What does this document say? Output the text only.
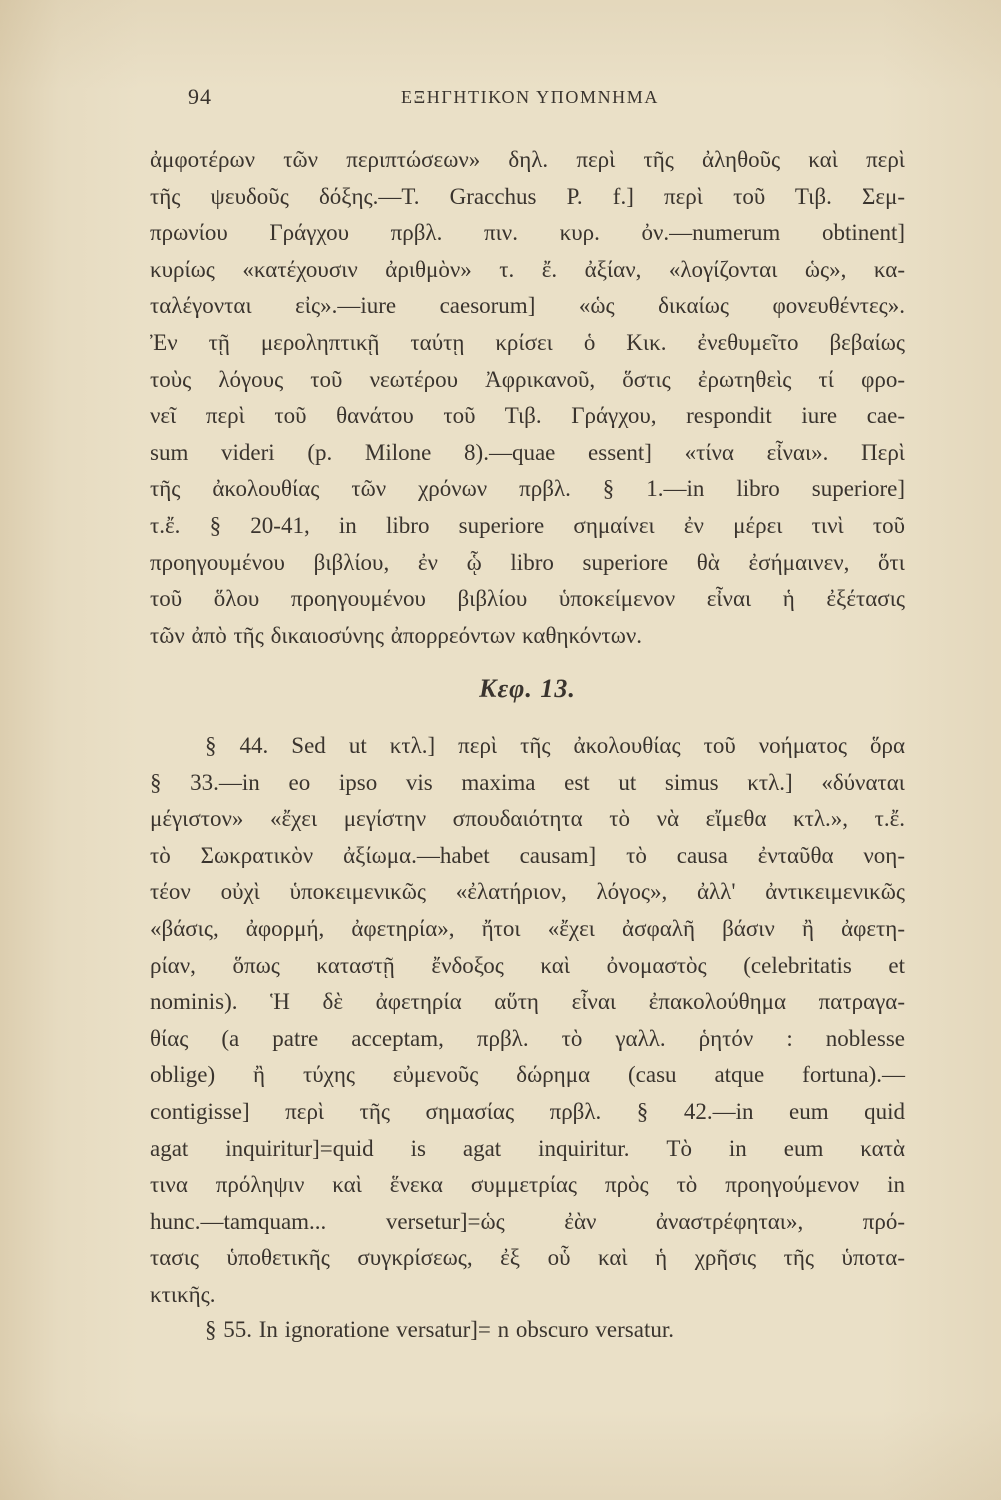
94	ΕΞΗΓΗΤΙΚΟΝ ΥΠΟΜΝΗΜΑ
ἀμφοτέρων τῶν περιπτώσεων» δηλ. περὶ τῆς ἀληθοῦς καὶ περὶ
τῆς ψευδοῦς δόξης.—T. Gracchus P. f.] περὶ τοῦ Τιβ. Σεμ-
πρωνίου Γράγχου πρβλ. πιν. κυρ. ὀν.—numerum obtinent]
κυρίως «κατέχουσιν ἀριθμὸν» τ. ἔ. ἀξίαν, «λογίζονται ὡς», κα-
ταλέγονται εἰς».—iure caesorum] «ὡς δικαίως φονευθέντες».
Ἐν τῇ μεροληπτικῇ ταύτῃ κρίσει ὁ Κικ. ἐνεθυμεῖτο βεβαίως
τοὺς λόγους τοῦ νεωτέρου Ἀφρικανοῦ, ὅστις ἐρωτηθεὶς τί φρο-
νεῖ περὶ τοῦ θανάτου τοῦ Τιβ. Γράγχου, respondit iure cae-
sum videri (p. Milone 8).—quae essent] «τίνα εἶναι». Περὶ
τῆς ἀκολουθίας τῶν χρόνων πρβλ. § 1.—in libro superiore]
τ.ἔ. § 20-41, in libro superiore σημαίνει ἐν μέρει τινὶ τοῦ
προηγουμένου βιβλίου, ἐν ᾧ libro superiore θὰ ἐσήμαινεν, ὅτι
τοῦ ὅλου προηγουμένου βιβλίου ὑποκείμενον εἶναι ἡ ἐξέτασις
τῶν ἀπὸ τῆς δικαιοσύνης ἀπορρεόντων καθηκόντων.
Κεφ. 13.
§ 44. Sed ut κτλ.] περὶ τῆς ἀκολουθίας τοῦ νοήματος ὅρα
§ 33.—in eo ipso vis maxima est ut simus κτλ.] «δύναται
μέγιστον» «ἔχει μεγίστην σπουδαιότητα τὸ νὰ εἴμεθα κτλ.», τ.ἔ.
τὸ Σωκρατικὸν ἀξίωμα.—habet causam] τὸ causa ἐνταῦθα νοη-
τέον οὐχὶ ὑποκειμενικῶς «ἐλατήριον, λόγος», ἀλλ' ἀντικειμενικῶς
«βάσις, ἀφορμή, ἀφετηρία», ἤτοι «ἔχει ἀσφαλῆ βάσιν ἢ ἀφετη-
ρίαν, ὅπως καταστῇ ἔνδοξος καὶ ὀνομαστὸς (celebritatis et
nominis). Ἡ δὲ ἀφετηρία αὕτη εἶναι ἐπακολούθημα πατραγα-
θίας (a patre acceptam, πρβλ. τὸ γαλλ. ῥητόν : noblesse
oblige) ἢ τύχης εὐμενοῦς δώρημα (casu atque fortuna).—
contigisse] περὶ τῆς σημασίας πρβλ. § 42.—in eum quid
agat inquiritur]=quid is agat inquiritur. Τὸ in eum κατὰ
τινα πρόληψιν καὶ ἕνεκα συμμετρίας πρὸς τὸ προηγούμενον in
hunc.—tamquam... versetur]=ὡς ἐὰν ἀναστρέφηται», πρό-
τασις ὑποθετικῆς συγκρίσεως, ἐξ οὗ καὶ ἡ χρῆσις τῆς ὑποτα-
κτικῆς.
§ 55. In ignoratione versatur]= n obscuro versatur.
